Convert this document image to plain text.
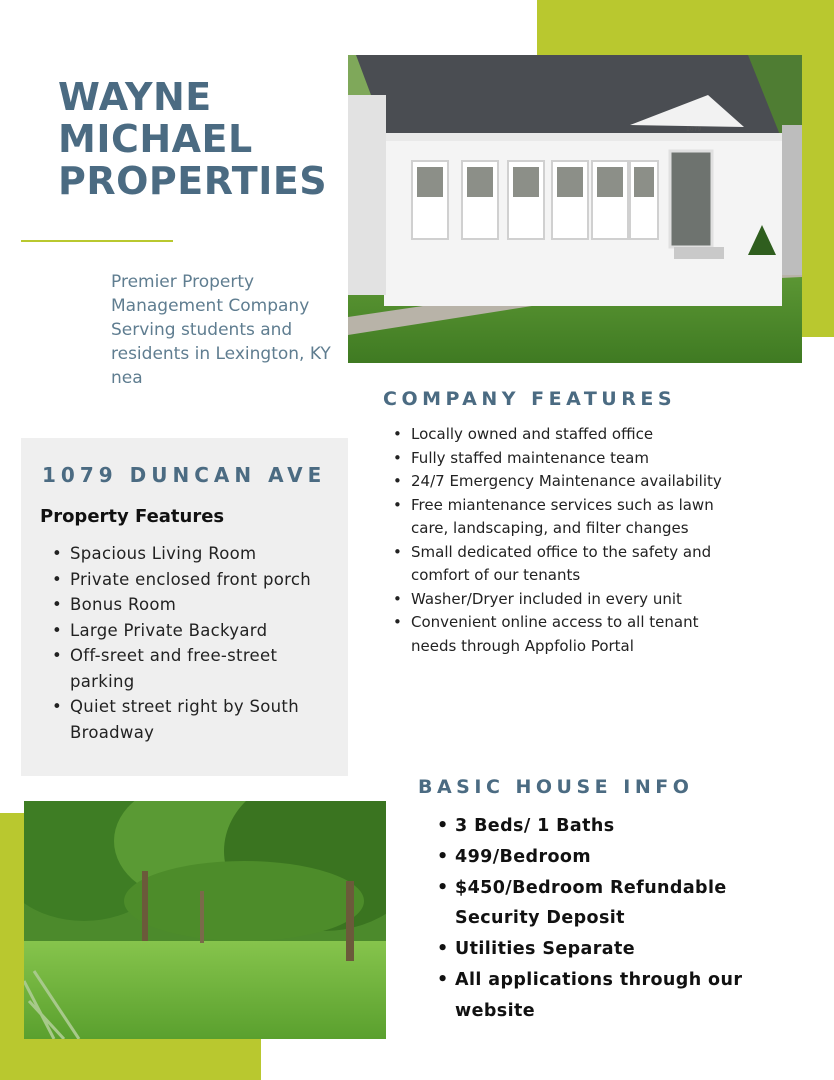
WAYNE
MICHAEL
PROPERTIES

Premier Property Management Company Serving students and residents in Lexington, KY nea

1079
1079 DUNCAN AVE
Property Features
• Spacious Living Room
• Private enclosed front porch
• Bonus Room
• Large Private Backyard
• Off-sreet and free-street parking
• Quiet street right by South Broadway
COMPANY FEATURES
• Locally owned and staffed office
• Fully staffed maintenance team
• 24/7 Emergency Maintenance availability
• Free miantenance services such as lawn care, landscaping, and filter changes
• Small dedicated office to the safety and comfort of our tenants
• Washer/Dryer included in every unit
• Convenient online access to all tenant needs through Appfolio Portal
BASIC HOUSE INFO
• 3 Beds/ 1 Baths
• 499/Bedroom
• $450/Bedroom Refundable Security Deposit
• Utilities Separate
• All applications through our website
